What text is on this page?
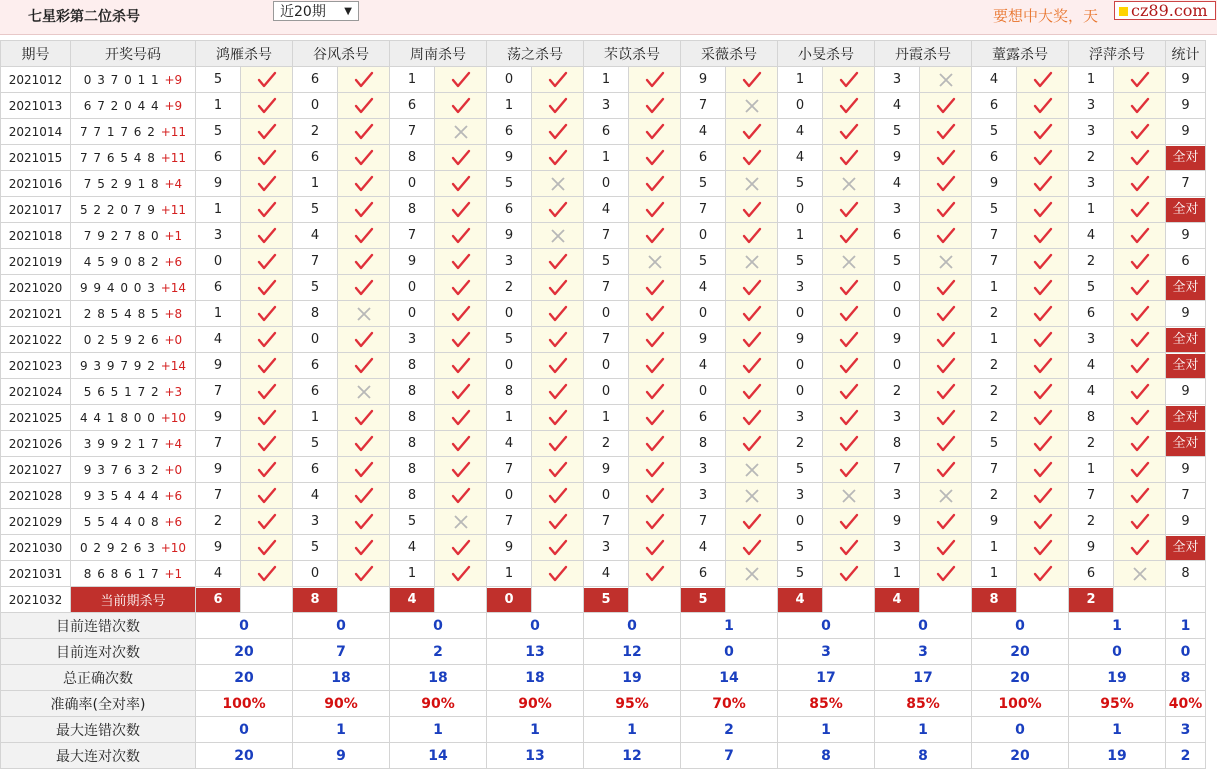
七星彩第二位杀号	近20期 ▼	要想中大奖，天	cz89.com
期号	开奖号码	鸿雁杀号		谷风杀号		周南杀号		荡之杀号		芣苡杀号		采薇杀号		小旻杀号		丹霞杀号		蕫露杀号		浮萍杀号		统计
2021012	0 3 7 0 1 1 +9	5		6		1		0		1		9		1		3		4		1		9
2021013	6 7 2 0 4 4 +9	1		0		6		1		3		7		0		4		6		3		9
2021014	7 7 1 7 6 2 +11	5		2		7		6		6		4		4		5		5		3		9
2021015	7 7 6 5 4 8 +11	6		6		8		9		1		6		4		9		6		2		全对

2021016	7 5 2 9 1 8 +4	9		1		0		5		0		5		5		4		9		3		7
2021017	5 2 2 0 7 9 +11	1		5		8		6		4		7		0		3		5		1		全对

2021018	7 9 2 7 8 0 +1	3		4		7		9		7		0		1		6		7		4		9
2021019	4 5 9 0 8 2 +6	0		7		9		3		5		5		5		5		7		2		6
2021020	9 9 4 0 0 3 +14	6		5		0		2		7		4		3		0		1		5		全对

2021021	2 8 5 4 8 5 +8	1		8		0		0		0		0		0		0		2		6		9
2021022	0 2 5 9 2 6 +0	4		0		3		5		7		9		9		9		1		3		全对

2021023	9 3 9 7 9 2 +14	9		6		8		0		0		4		0		0		2		4		全对

2021024	5 6 5 1 7 2 +3	7		6		8		8		0		0		0		2		2		4		9
2021025	4 4 1 8 0 0 +10	9		1		8		1		1		6		3		3		2		8		全对

2021026	3 9 9 2 1 7 +4	7		5		8		4		2		8		2		8		5		2		全对

2021027	9 3 7 6 3 2 +0	9		6		8		7		9		3		5		7		7		1		9
2021028	9 3 5 4 4 4 +6	7		4		8		0		0		3		3		3		2		7		7
2021029	5 5 4 4 0 8 +6	2		3		5		7		7		7		0		9		9		2		9
2021030	0 2 9 2 6 3 +10	9		5		4		9		3		4		5		3		1		9		全对

2021031	8 6 8 6 1 7 +1	4		0		1		1		4		6		5		1		1		6		8
2021032	当前期杀号	6		8		4		0		5		5		4		4		8		2		

目前连错次数		0		0		0		0		0		1		0		0		0		1		1
目前连对次数		20		7		2		13		12		0		3		3		20		0		0
总正确次数		20		18		18		18		19		14		17		17		20		19		8
准确率(全对率)		100%		90%		90%		90%		95%		70%		85%		85%		100%		95%		40%
最大连错次数		0		1		1		1		1		2		1		1		0		1		3
最大连对次数		20		9		14		13		12		7		8		8		20		19		2
